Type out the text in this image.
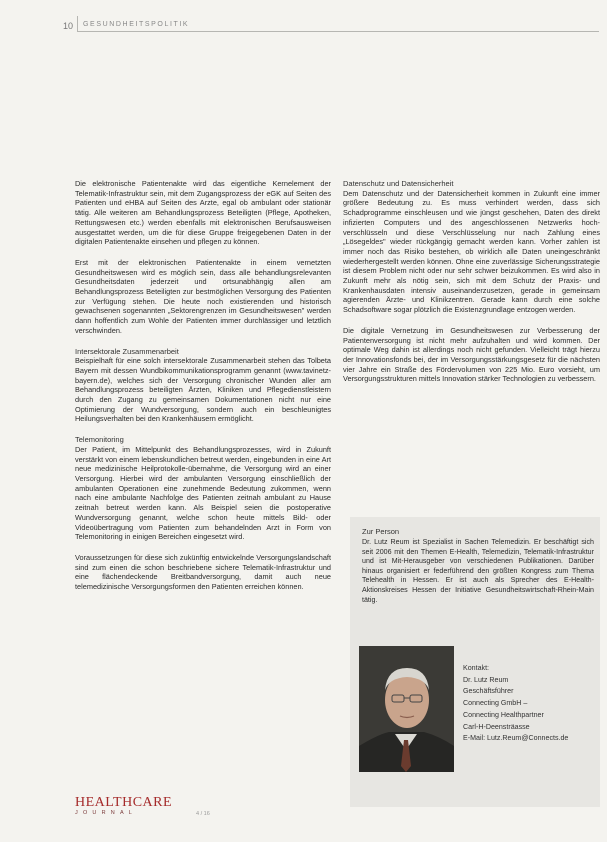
10 GESUNDHEITSPOLITIK

Die elektronische Patientenakte wird das eigentliche Kernelement der Telematik-Infrastruktur sein, mit dem Zugangsprozess der eGK auf Seiten des Patienten und eHBA auf Seiten des Arzte, egal ob ambulant oder stationär tätig. Alle weiteren am Behandlungsprozess Beteiligten (Pflege, Apotheken, Rettungswesen etc.) werden ebenfalls mit elektronischen Berufsausweisen ausgestattet werden, um die für diese Gruppe freigegebenen Daten in der digitalen Patientenakte einsehen und pflegen zu können.

Erst mit der elektronischen Patientenakte in einem vernetzten Gesundheitswesen wird es möglich sein, dass alle behandlungsrelevanten Gesundheitsdaten jederzeit und ortsunabhängig allen am Behandlungsprozess Beteiligten zur bestmöglichen Versorgung des Patienten zur Verfügung stehen. Die heute noch existierenden und historisch gewachsenen sogenannten „Sektorengrenzen im Gesundheitswesen" werden dann hoffentlich zum Wohle der Patienten immer durchlässiger und letztlich verschwinden.

Intersektorale Zusammenarbeit

Beispielhaft für eine solch intersektorale Zusammenarbeit stehen das Tolbeta Bayern mit dessen Wundbikommunikationsprogramm genannt (www.tavinetz-bayern.de), welches sich der Versorgung chronischer Wunden aller am Behandlungsprozess beteiligten Ärzten, Kliniken und Pflegedienstleistern durch den Zugang zu gemeinsamen Dokumentationen nicht nur eine Optimierung der Wundversorgung, sondern auch ein beschleunigtes Heilungsverhalten bei den Krankenhäusern ermöglicht.

Telemonitoring

Der Patient, im Mittelpunkt des Behandlungsprozesses, wird in Zukunft verstärkt von einem lebenskundlichen betreut werden, eingebunden in eine Art neue medizinische Heilprotokolle-übernahme, die Versorgung wird an einer Versorgung. Hierbei wird der ambulanten Versorgung einschließlich der ambulanten Operationen eine zunehmende Bedeutung zukommen, wenn nach eine ambulante Nachfolge des Patienten zeitnah ambulant zu Hause zeitnah betreut werden kann. Als Beispiel seien die postoperative Wundversorgung genannt, welche schon heute mittels Bild- oder Videoübertragung vom Patienten zum behandelnden Arzt in Form von Telemonitoring in einigen Bereichen eingesetzt wird.

Voraussetzungen für diese sich zukünftig entwickelnde Versorgungslandschaft sind zum einen die schon beschriebene sichere Telematik-Infrastruktur und eine flächendeckende Breitbandversorgung, damit auch neue telemedizinische Versorgungsformen den Patienten erreichen können.

Datenschutz und Datensicherheit

Dem Datenschutz und der Datensicherheit kommen in Zukunft eine immer größere Bedeutung zu. Es muss verhindert werden, dass sich Schadprogramme einschleusen und wie jüngst geschehen, Daten des direkt infizierten Computers und des angeschlossenen Netzwerks hoch-verschlüsseln und diese Verschlüsselung nur nach Zahlung eines „Lösegeldes" wieder rückgängig gemacht werden kann. Vorher zahlen ist immer noch das Risiko bestehen, ob wirklich alle Daten uneingeschränkt wiederhergestellt werden können. Ohne eine zuverlässige Sicherungsstrategie ist diesem Problem nicht oder nur sehr schwer beizukommen. Es wird also in Zukunft mehr als nötig sein, sich mit dem Schutz der Praxis- und Krankenhausdaten intensiv auseinanderzusetzen, gerade in gemeinsam agierenden Ärzte- und Klinikzentren. Gerade kann durch eine solche Schadsoftware sogar plötzlich die Existenzgrundlage entzogen werden.

Die digitale Vernetzung im Gesundheitswesen zur Verbesserung der Patientenversorgung ist nicht mehr aufzuhalten und wird kommen. Der optimale Weg dahin ist allerdings noch nicht gefunden. Vielleicht trägt hierzu der Innovationsfonds bei, der im Versorgungsstärkungsgesetz für die nächsten vier Jahre ein Straße des Fördervolumen von 225 Mio. Euro vorsieht, um Versorgungsstrukturen mittels Innovation stärker Technologien zu verbessern.

Zur Person

Dr. Lutz Reum ist Spezialist in Sachen Telemedizin. Er beschäftigt sich seit 2006 mit den Themen E-Health, Telemedizin, Telematik-Infrastruktur und ist Mit-Herausgeber von verschiedenen Publikationen. Darüber hinaus organisiert er federführend den größten Kongress zum Thema Telehealth in Hessen. Er ist auch als Sprecher des E-Health-Aktionskreises Hessen der Initiative Gesundheitswirtschaft-Rhein-Main tätig.

Kontakt:
Dr. Lutz Reum
Geschäftsführer
Connecting GmbH –
Connecting Healthpartner
Carl-H-Deensträasse
E-Mail: Lutz.Reum@Connects.de
HEALTHCARE
JOURNAL	4 / 16
